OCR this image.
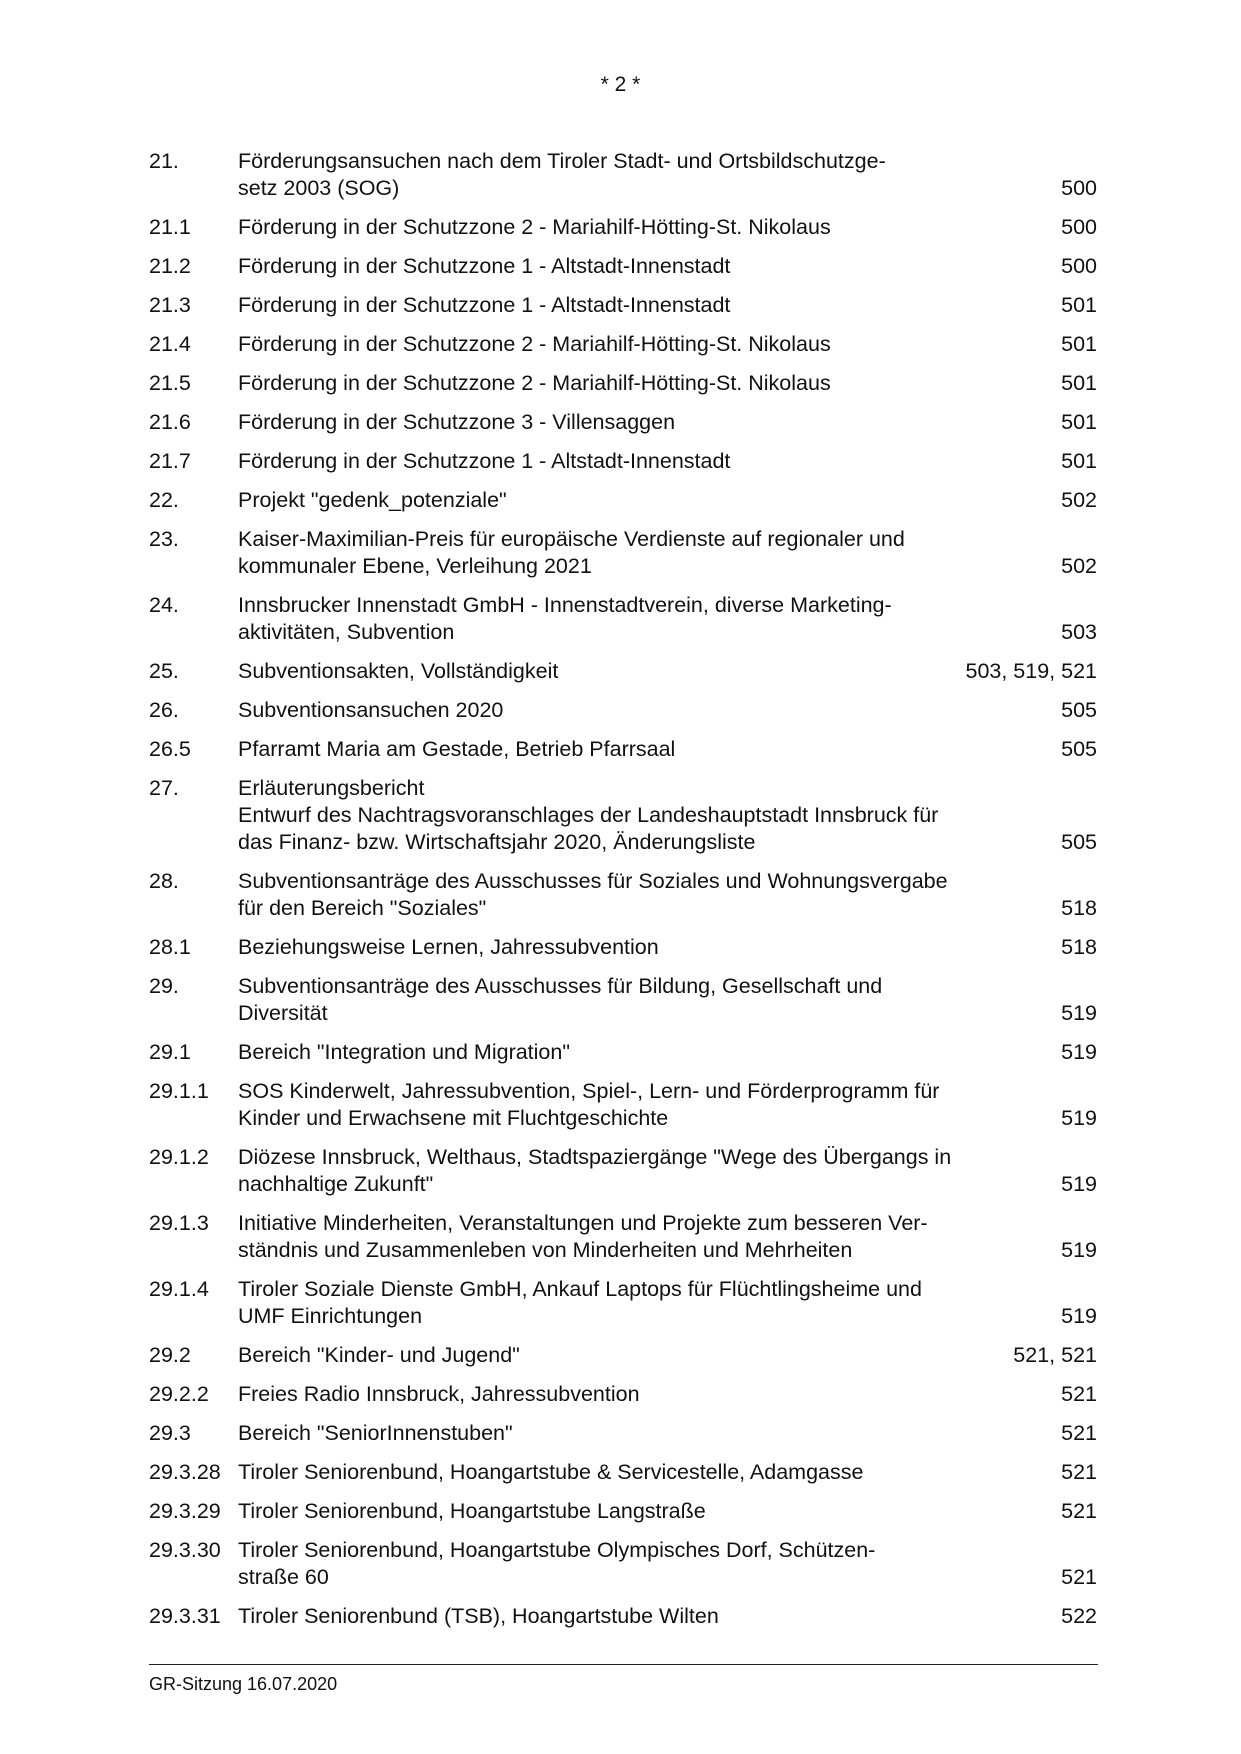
* 2 *
21.	Förderungsansuchen nach dem Tiroler Stadt- und Ortsbildschutzge-
setz 2003 (SOG)	500
21.1 Förderung in der Schutzzone 2 - Mariahilf-Hötting-St. Nikolaus	500
21.2 Förderung in der Schutzzone 1 - Altstadt-Innenstadt	500
21.3 Förderung in der Schutzzone 1 - Altstadt-Innenstadt	501
21.4 Förderung in der Schutzzone 2 - Mariahilf-Hötting-St. Nikolaus	501
21.5 Förderung in der Schutzzone 2 - Mariahilf-Hötting-St. Nikolaus	501
21.6 Förderung in der Schutzzone 3 - Villensaggen	501
21.7 Förderung in der Schutzzone 1 - Altstadt-Innenstadt	501
22.	Projekt "gedenk_potenziale"	502
23.	Kaiser-Maximilian-Preis für europäische Verdienste auf regionaler und
kommunaler Ebene, Verleihung 2021	502
24.	Innsbrucker Innenstadt GmbH - Innenstadtverein, diverse Marketing-
aktivitäten, Subvention	503
25.	Subventionsakten, Vollständigkeit	503, 519, 521
26.	Subventionsansuchen 2020	505
26.5 Pfarramt Maria am Gestade, Betrieb Pfarrsaal	505
27.	Erläuterungsbericht
Entwurf des Nachtragsvoranschlages der Landeshauptstadt Innsbruck für
das Finanz- bzw. Wirtschaftsjahr 2020, Änderungsliste	505
28.	Subventionsanträge des Ausschusses für Soziales und Wohnungsvergabe
für den Bereich "Soziales"	518
28.1 Beziehungsweise Lernen, Jahressubvention	518
29.	Subventionsanträge des Ausschusses für Bildung, Gesellschaft und
Diversität	519
29.1 Bereich "Integration und Migration"	519
29.1.1 SOS Kinderwelt, Jahressubvention, Spiel-, Lern- und Förderprogramm für
Kinder und Erwachsene mit Fluchtgeschichte	519
29.1.2 Diözese Innsbruck, Welthaus, Stadtspaziergänge "Wege des Übergangs in
nachhaltige Zukunft"	519
29.1.3 Initiative Minderheiten, Veranstaltungen und Projekte zum besseren Ver-
ständnis und Zusammenleben von Minderheiten und Mehrheiten	519
29.1.4 Tiroler Soziale Dienste GmbH, Ankauf Laptops für Flüchtlingsheime und
UMF Einrichtungen	519
29.2 Bereich "Kinder- und Jugend"	521, 521
29.2.2 Freies Radio Innsbruck, Jahressubvention	521
29.3 Bereich "SeniorInnenstuben"	521
29.3.28 Tiroler Seniorenbund, Hoangartstube & Servicestelle, Adamgasse	521
29.3.29 Tiroler Seniorenbund, Hoangartstube Langstraße	521
29.3.30 Tiroler Seniorenbund, Hoangartstube Olympisches Dorf, Schützen-
straße 60	521
29.3.31 Tiroler Seniorenbund (TSB), Hoangartstube Wilten	522
GR-Sitzung 16.07.2020
